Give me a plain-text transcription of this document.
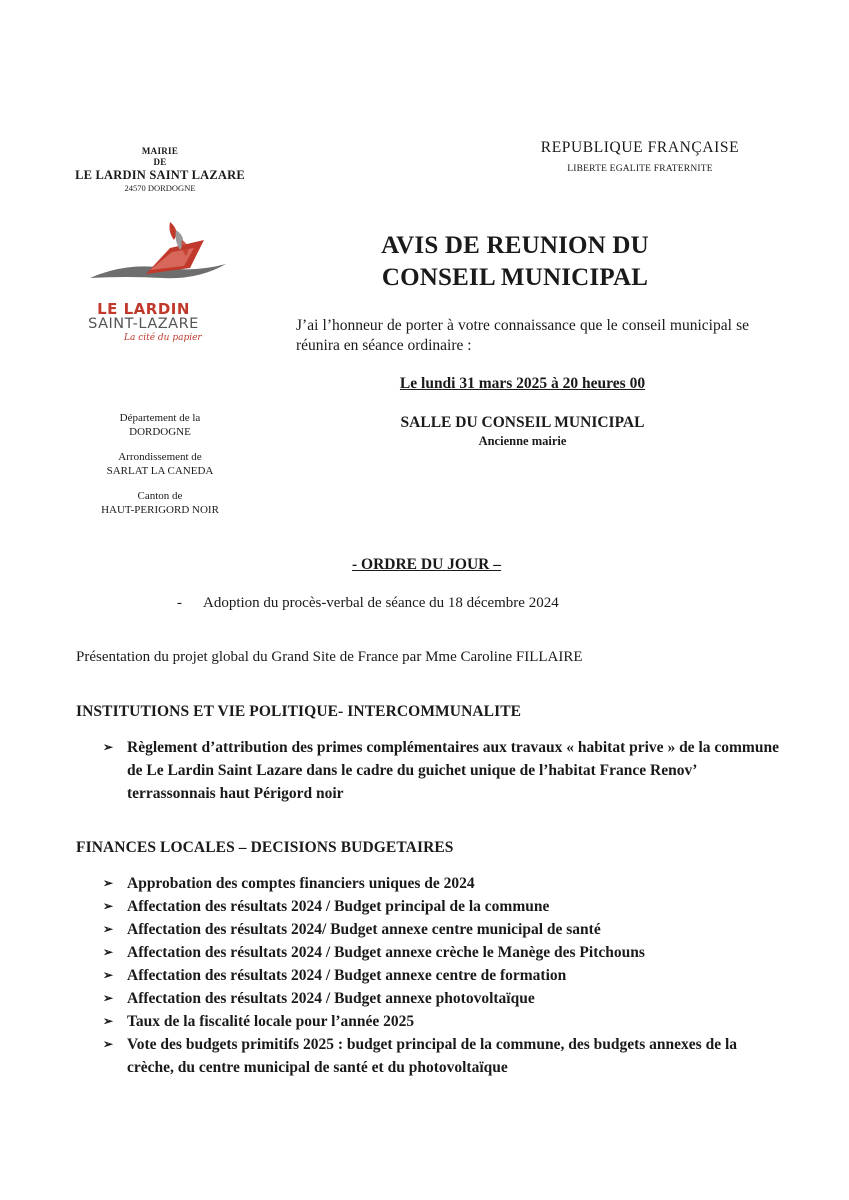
MAIRIE
DE
LE LARDIN SAINT LAZARE
24570 DORDOGNE
REPUBLIQUE FRANÇAISE
LIBERTE EGALITE FRATERNITE
LE LARDIN
SAINT-LAZARE
La cité du papier
AVIS DE REUNION DU
CONSEIL MUNICIPAL
J’ai l’honneur de porter à votre connaissance que le conseil municipal se réunira en séance ordinaire :
Le lundi 31 mars 2025 à 20 heures 00
SALLE DU CONSEIL MUNICIPAL
Ancienne mairie
Département de la
DORDOGNE
Arrondissement de
SARLAT LA CANEDA
Canton de
HAUT-PERIGORD NOIR
- ORDRE DU JOUR –
- Adoption du procès-verbal de séance du 18 décembre 2024
Présentation du projet global du Grand Site de France par Mme Caroline FILLAIRE
INSTITUTIONS ET VIE POLITIQUE- INTERCOMMUNALITE
➢ Règlement d’attribution des primes complémentaires aux travaux « habitat prive » de la commune de Le Lardin Saint Lazare dans le cadre du guichet unique de l’habitat France Renov’ terrassonnais haut Périgord noir
FINANCES LOCALES – DECISIONS BUDGETAIRES
➢ Approbation des comptes financiers uniques de 2024
➢ Affectation des résultats 2024 / Budget principal de la commune
➢ Affectation des résultats 2024/ Budget annexe centre municipal de santé
➢ Affectation des résultats 2024 / Budget annexe crèche le Manège des Pitchouns
➢ Affectation des résultats 2024 / Budget annexe centre de formation
➢ Affectation des résultats 2024 / Budget annexe photovoltaïque
➢ Taux de la fiscalité locale pour l’année 2025
➢ Vote des budgets primitifs 2025 : budget principal de la commune, des budgets annexes de la crèche, du centre municipal de santé et du photovoltaïque
